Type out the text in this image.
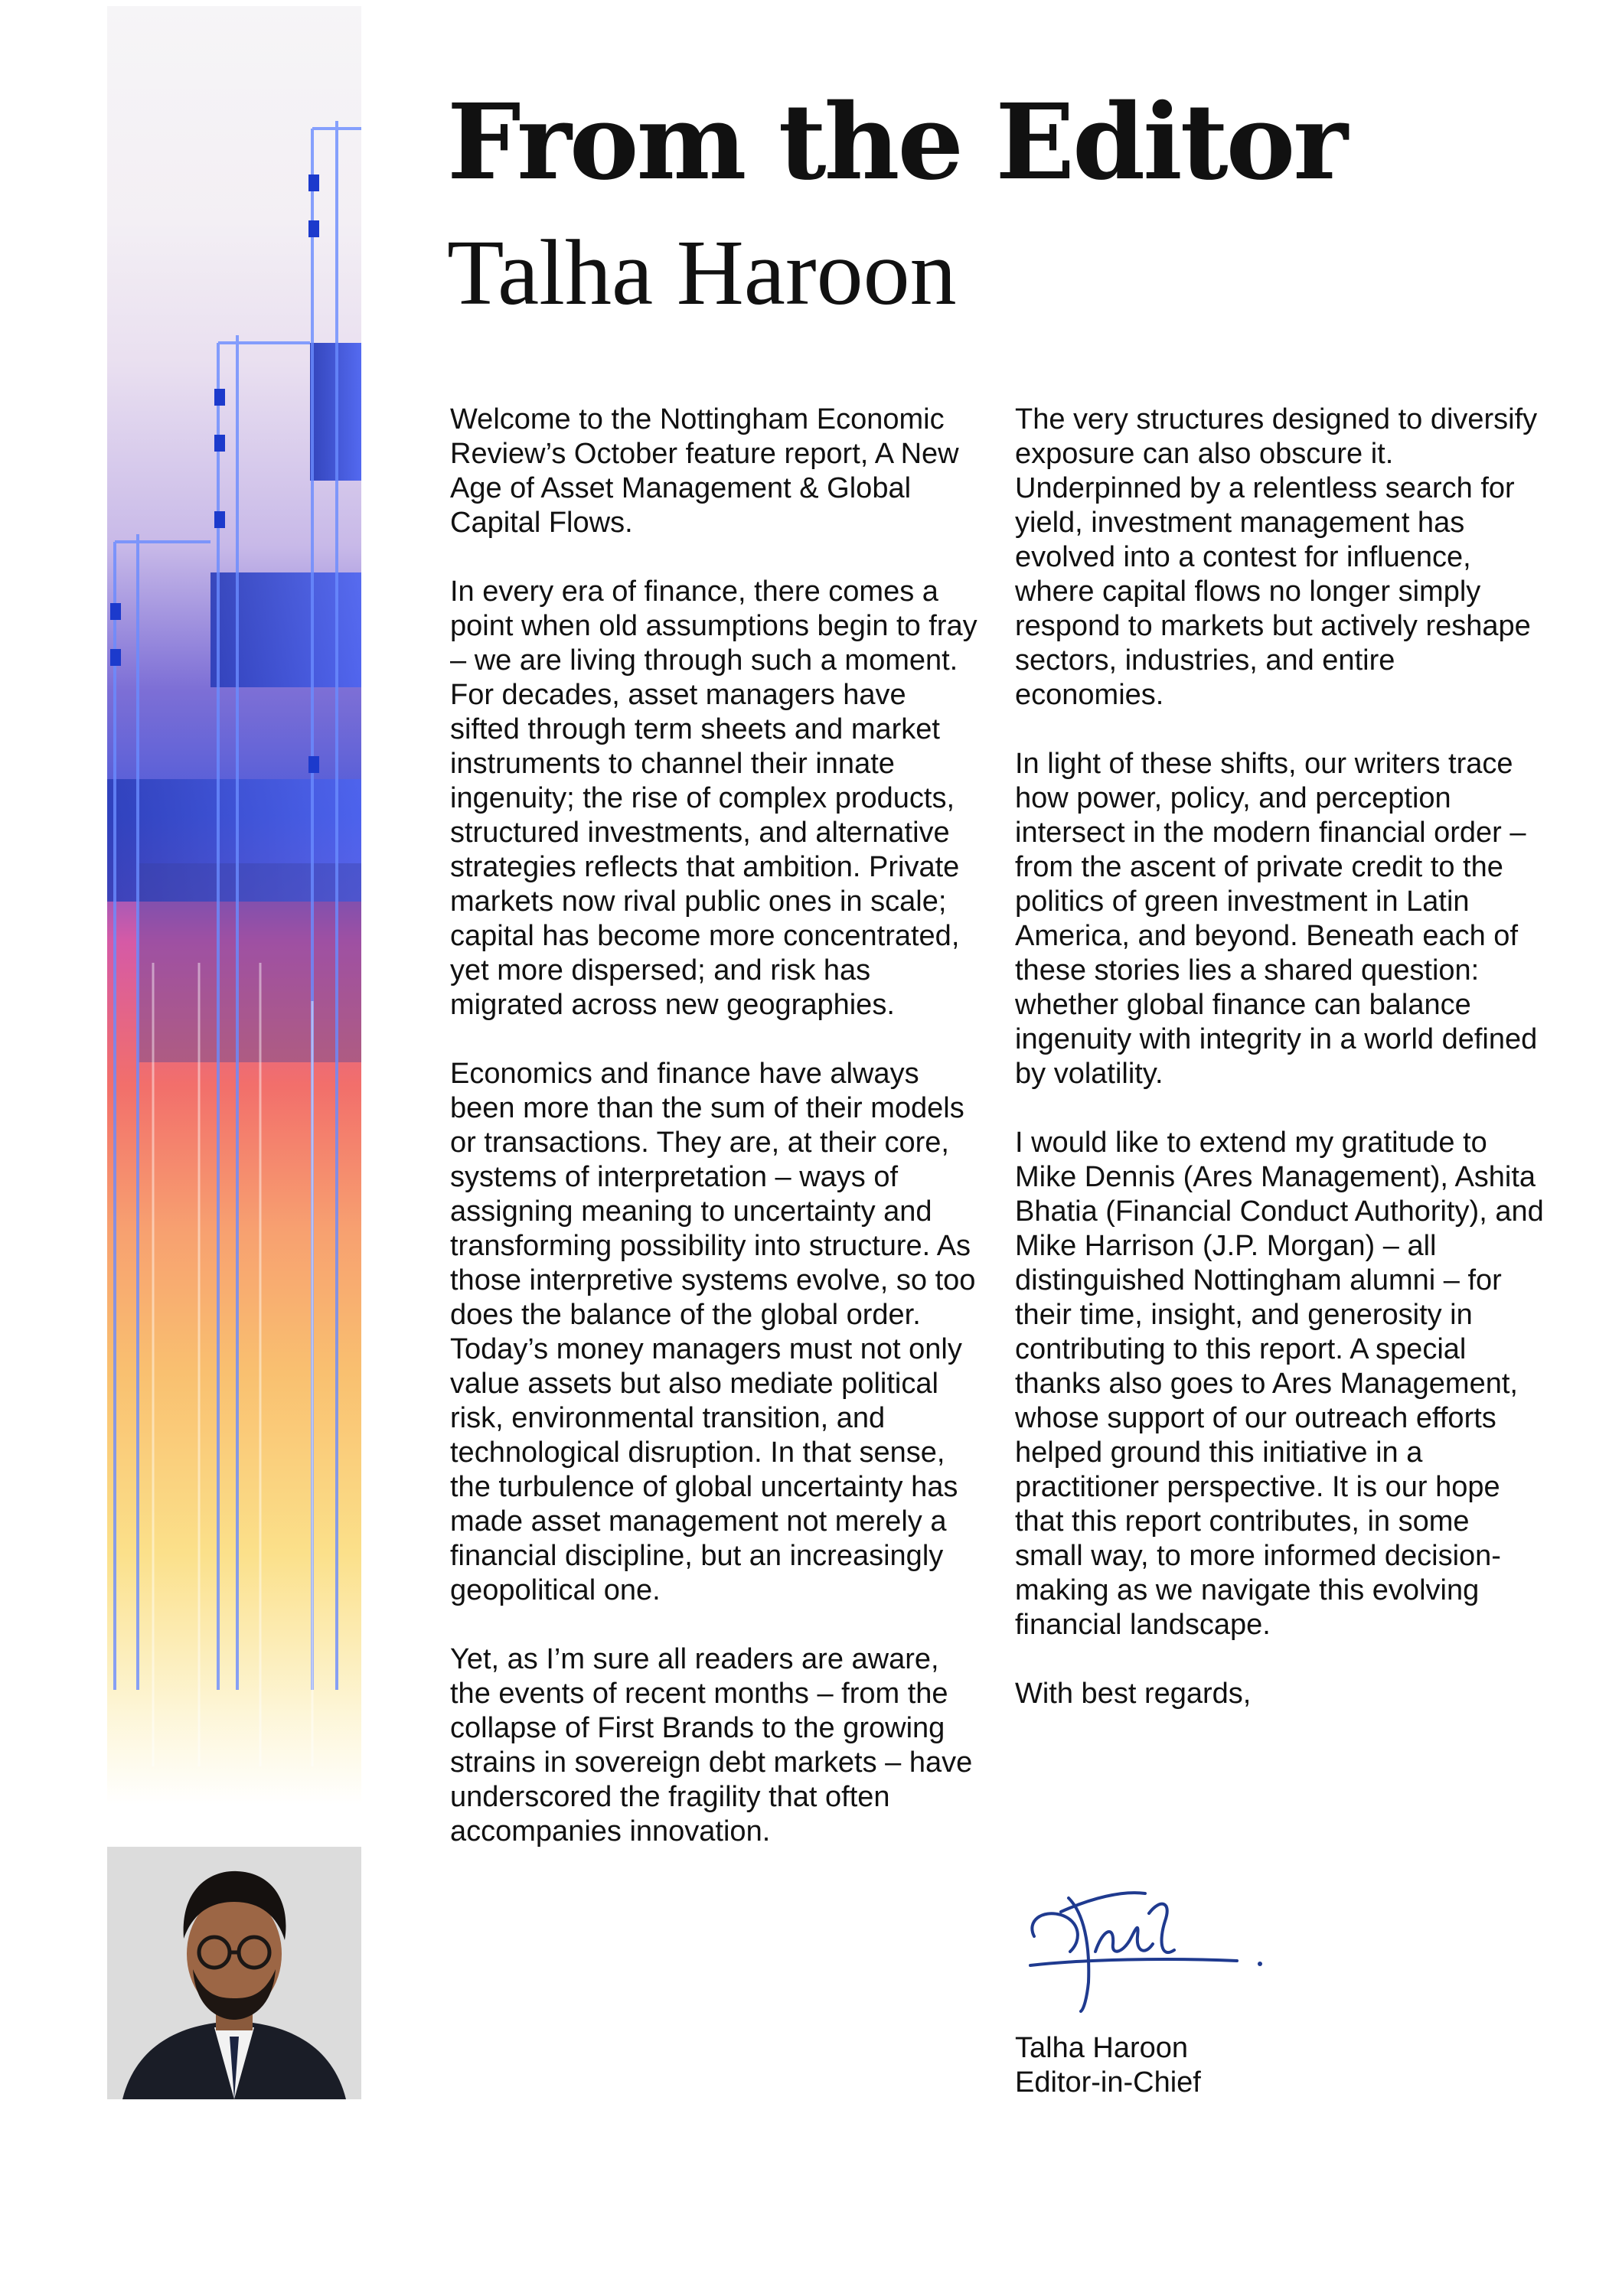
From the Editor
Talha Haroon

Welcome to the Nottingham Economic Review’s October feature report, A New Age of Asset Management & Global Capital Flows.

In every era of finance, there comes a point when old assumptions begin to fray – we are living through such a moment. For decades, asset managers have sifted through term sheets and market instruments to channel their innate ingenuity; the rise of complex products, structured investments, and alternative strategies reflects that ambition. Private markets now rival public ones in scale; capital has become more concentrated, yet more dispersed; and risk has migrated across new geographies.

Economics and finance have always been more than the sum of their models or transactions. They are, at their core, systems of interpretation – ways of assigning meaning to uncertainty and transforming possibility into structure. As those interpretive systems evolve, so too does the balance of the global order. Today’s money managers must not only value assets but also mediate political risk, environmental transition, and technological disruption. In that sense, the turbulence of global uncertainty has made asset management not merely a financial discipline, but an increasingly geopolitical one.

Yet, as I’m sure all readers are aware, the events of recent months – from the collapse of First Brands to the growing strains in sovereign debt markets – have underscored the fragility that often accompanies innovation.

The very structures designed to diversify exposure can also obscure it. Underpinned by a relentless search for yield, investment management has evolved into a contest for influence, where capital flows no longer simply respond to markets but actively reshape sectors, industries, and entire economies.

In light of these shifts, our writers trace how power, policy, and perception intersect in the modern financial order – from the ascent of private credit to the politics of green investment in Latin America, and beyond. Beneath each of these stories lies a shared question: whether global finance can balance ingenuity with integrity in a world defined by volatility.

I would like to extend my gratitude to Mike Dennis (Ares Management), Ashita Bhatia (Financial Conduct Authority), and Mike Harrison (J.P. Morgan) – all distinguished Nottingham alumni – for their time, insight, and generosity in contributing to this report. A special thanks also goes to Ares Management, whose support of our outreach efforts helped ground this initiative in a practitioner perspective. It is our hope that this report contributes, in some small way, to more informed decision-making as we navigate this evolving financial landscape.

With best regards,

Talha Haroon
Editor-in-Chief
